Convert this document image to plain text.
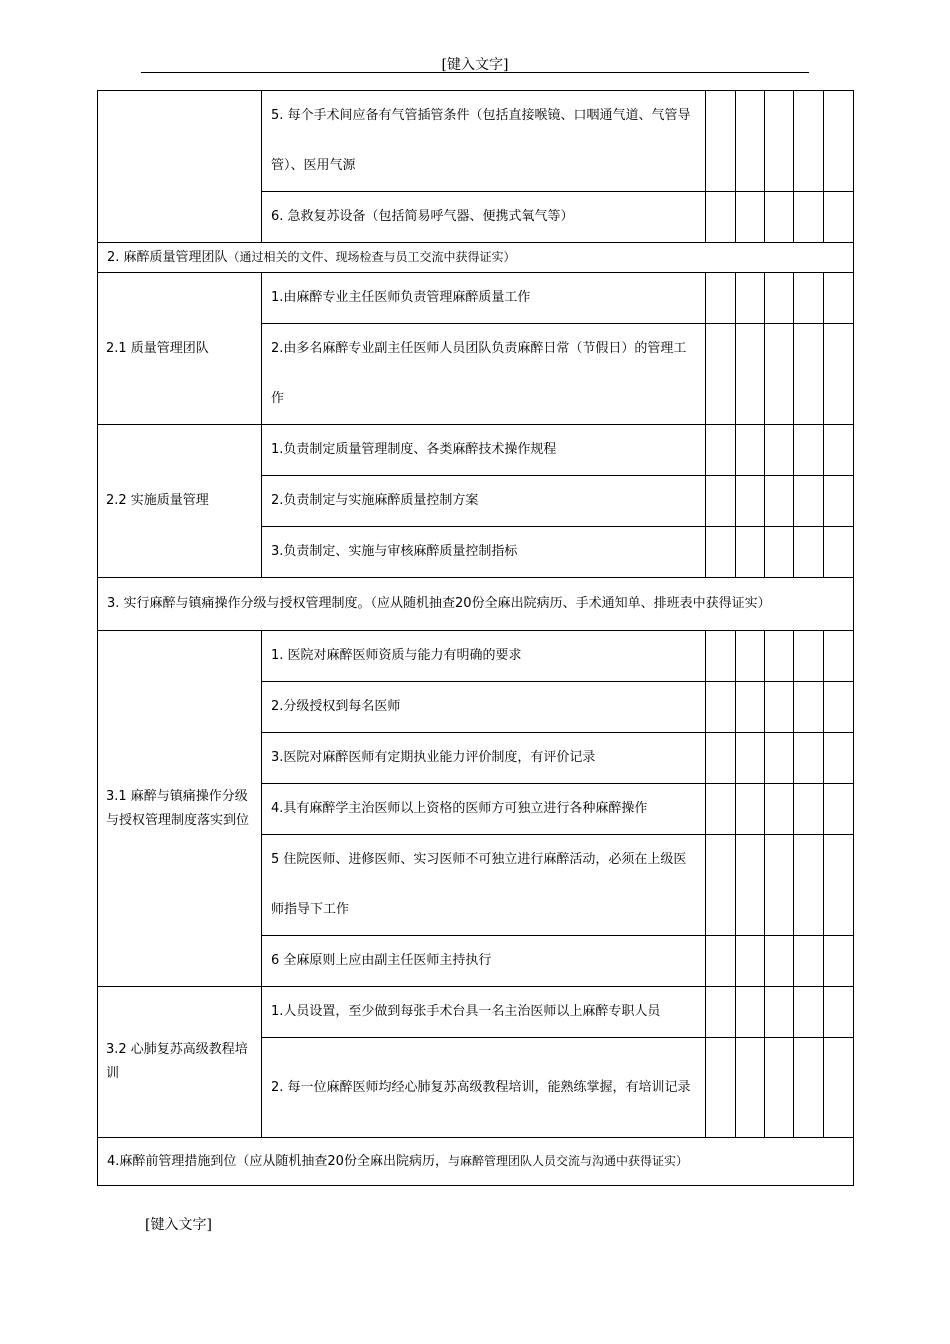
[键入文字]
	5. 每个手术间应备有气管插管条件（包括直接喉镜、口咽通气道、气管导管）、医用气源					
	6. 急救复苏设备（包括简易呼气器、便携式氧气等）					
2. 麻醉质量管理团队（通过相关的文件、现场检查与员工交流中获得证实）						
2.1 质量管理团队	1.由麻醉专业主任医师负责管理麻醉质量工作					
	2.由多名麻醉专业副主任医师人员团队负责麻醉日常（节假日）的管理工作					
2.2 实施质量管理	1.负责制定质量管理制度、各类麻醉技术操作规程					
	2.负责制定与实施麻醉质量控制方案					
	3.负责制定、实施与审核麻醉质量控制指标					
3. 实行麻醉与镇痛操作分级与授权管理制度。（应从随机抽查20份全麻出院病历、手术通知单、排班表中获得证实）						
3.1 麻醉与镇痛操作分级与授权管理制度落实到位	1. 医院对麻醉医师资质与能力有明确的要求					
	2.分级授权到每名医师					
	3.医院对麻醉医师有定期执业能力评价制度，有评价记录					
	4.具有麻醉学主治医师以上资格的医师方可独立进行各种麻醉操作					
	5 住院医师、进修医师、实习医师不可独立进行麻醉活动，必须在上级医师指导下工作					
	6 全麻原则上应由副主任医师主持执行					
3.2 心肺复苏高级教程培训	1.人员设置，至少做到每张手术台具一名主治医师以上麻醉专职人员					
	2. 每一位麻醉医师均经心肺复苏高级教程培训，能熟练掌握，有培训记录					
4.麻醉前管理措施到位（应从随机抽查20份全麻出院病历，与麻醉管理团队人员交流与沟通中获得证实）						
[键入文字]
